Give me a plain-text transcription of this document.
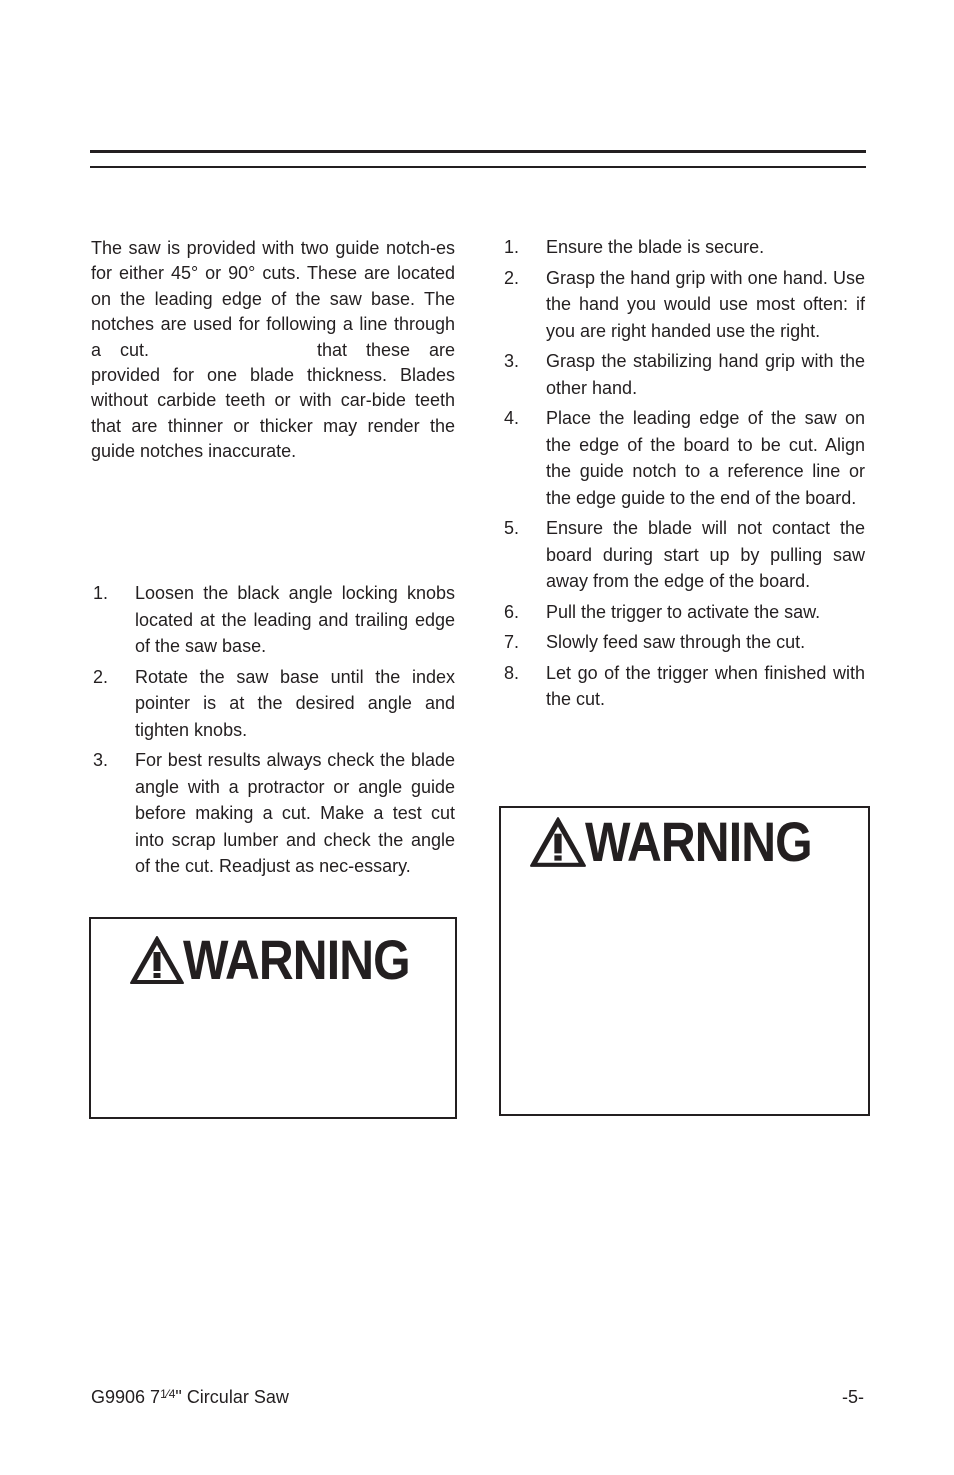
The saw is provided with two guide notch-es for either 45° or 90° cuts. These are located on the leading edge of the saw base. The notches are used for following a line through a cut.	that these are provided for one blade thickness. Blades without carbide teeth or with car-bide teeth that are thinner or thicker may render the guide notches inaccurate.

1. Loosen the black angle locking knobs located at the leading and trailing edge of the saw base.
2. Rotate the saw base until the index pointer is at the desired angle and tighten knobs.
3. For best results always check the blade angle with a protractor or angle guide before making a cut. Make a test cut into scrap lumber and check the angle of the cut. Readjust as nec-essary.
WARNING
1. Ensure the blade is secure.
2. Grasp the hand grip with one hand. Use the hand you would use most often: if you are right handed use the right.
3. Grasp the stabilizing hand grip with the other hand.
4. Place the leading edge of the saw on the edge of the board to be cut. Align the guide notch to a reference line or the edge guide to the end of the board.
5. Ensure the blade will not contact the board during start up by pulling saw away from the edge of the board.
6. Pull the trigger to activate the saw.
7. Slowly feed saw through the cut.
8. Let go of the trigger when finished with the cut.
WARNING
G9906 $7^{1⁄4}$" Circular Saw	-5-
